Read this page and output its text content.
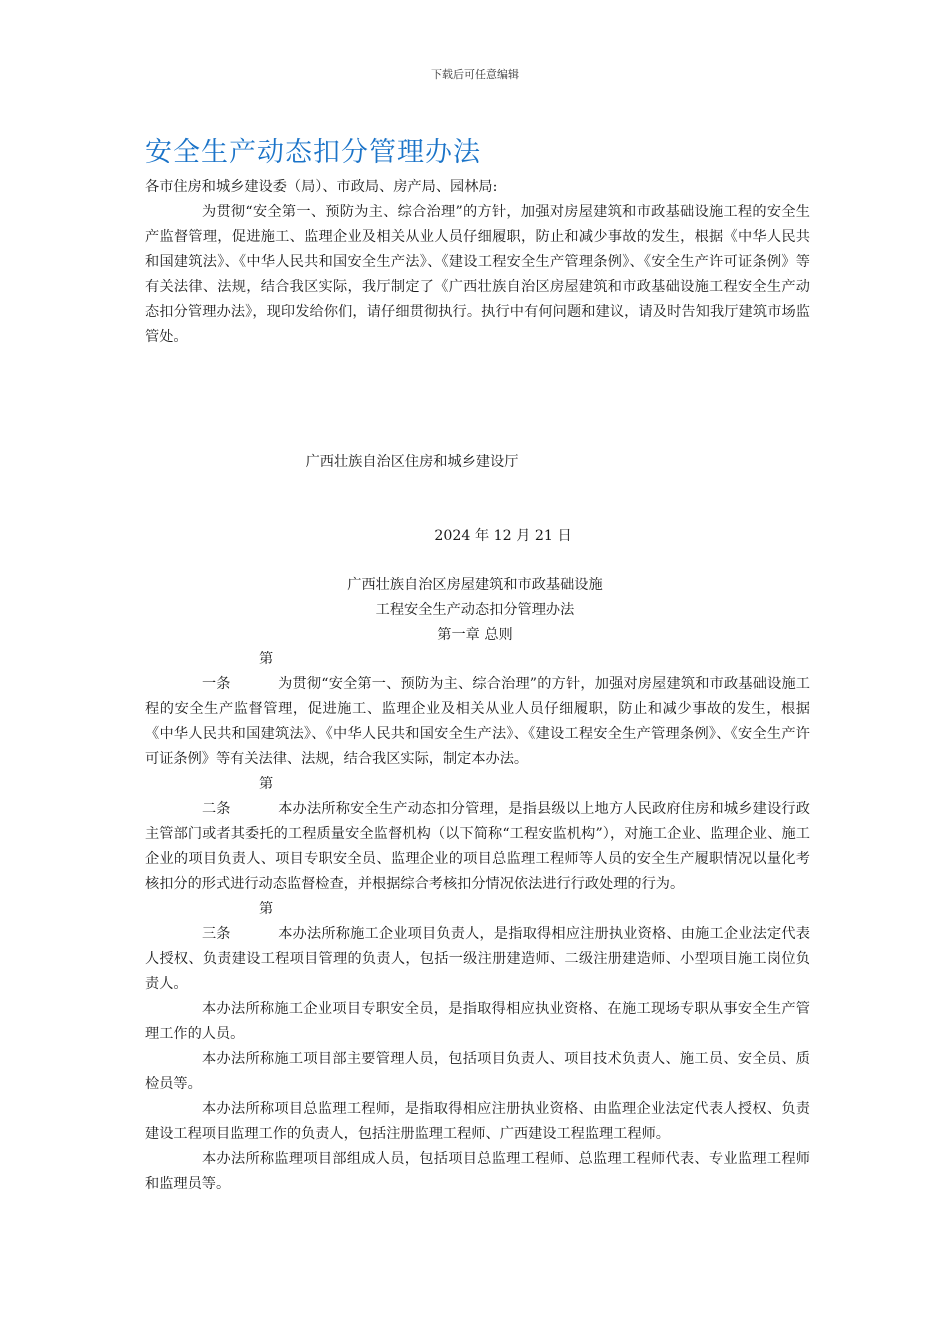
下载后可任意编辑
安全生产动态扣分管理办法

各市住房和城乡建设委（局）、市政局、房产局、园林局:

为贯彻“安全第一、预防为主、综合治理”的方针，加强对房屋建筑和市政基础设施工程的安全生产监督管理，促进施工、监理企业及相关从业人员仔细履职，防止和减少事故的发生，根据《中华人民共和国建筑法》、《中华人民共和国安全生产法》、《建设工程安全生产管理条例》、《安全生产许可证条例》等有关法律、法规，结合我区实际，我厅制定了《广西壮族自治区房屋建筑和市政基础设施工程安全生产动态扣分管理办法》，现印发给你们，请仔细贯彻执行。执行中有何问题和建议，请及时告知我厅建筑市场监管处。

广西壮族自治区住房和城乡建设厅
2024 年 12 月 21 日
广西壮族自治区房屋建筑和市政基础设施
工程安全生产动态扣分管理办法
第一章 总则

第一条	为贯彻“安全第一、预防为主、综合治理”的方针，加强对房屋建筑和市政基础设施工程的安全生产监督管理，促进施工、监理企业及相关从业人员仔细履职，防止和减少事故的发生，根据《中华人民共和国建筑法》、《中华人民共和国安全生产法》、《建设工程安全生产管理条例》、《安全生产许可证条例》等有关法律、法规，结合我区实际，制定本办法。

第二条	本办法所称安全生产动态扣分管理，是指县级以上地方人民政府住房和城乡建设行政主管部门或者其委托的工程质量安全监督机构（以下简称“工程安监机构”），对施工企业、监理企业、施工企业的项目负责人、项目专职安全员、监理企业的项目总监理工程师等人员的安全生产履职情况以量化考核扣分的形式进行动态监督检查，并根据综合考核扣分情况依法进行行政处理的行为。

第三条	本办法所称施工企业项目负责人，是指取得相应注册执业资格、由施工企业法定代表人授权、负责建设工程项目管理的负责人，包括一级注册建造师、二级注册建造师、小型项目施工岗位负责人。

本办法所称施工企业项目专职安全员，是指取得相应执业资格、在施工现场专职从事安全生产管理工作的人员。

本办法所称施工项目部主要管理人员，包括项目负责人、项目技术负责人、施工员、安全员、质检员等。

本办法所称项目总监理工程师，是指取得相应注册执业资格、由监理企业法定代表人授权、负责建设工程项目监理工作的负责人，包括注册监理工程师、广西建设工程监理工程师。

本办法所称监理项目部组成人员，包括项目总监理工程师、总监理工程师代表、专业监理工程师和监理员等。
